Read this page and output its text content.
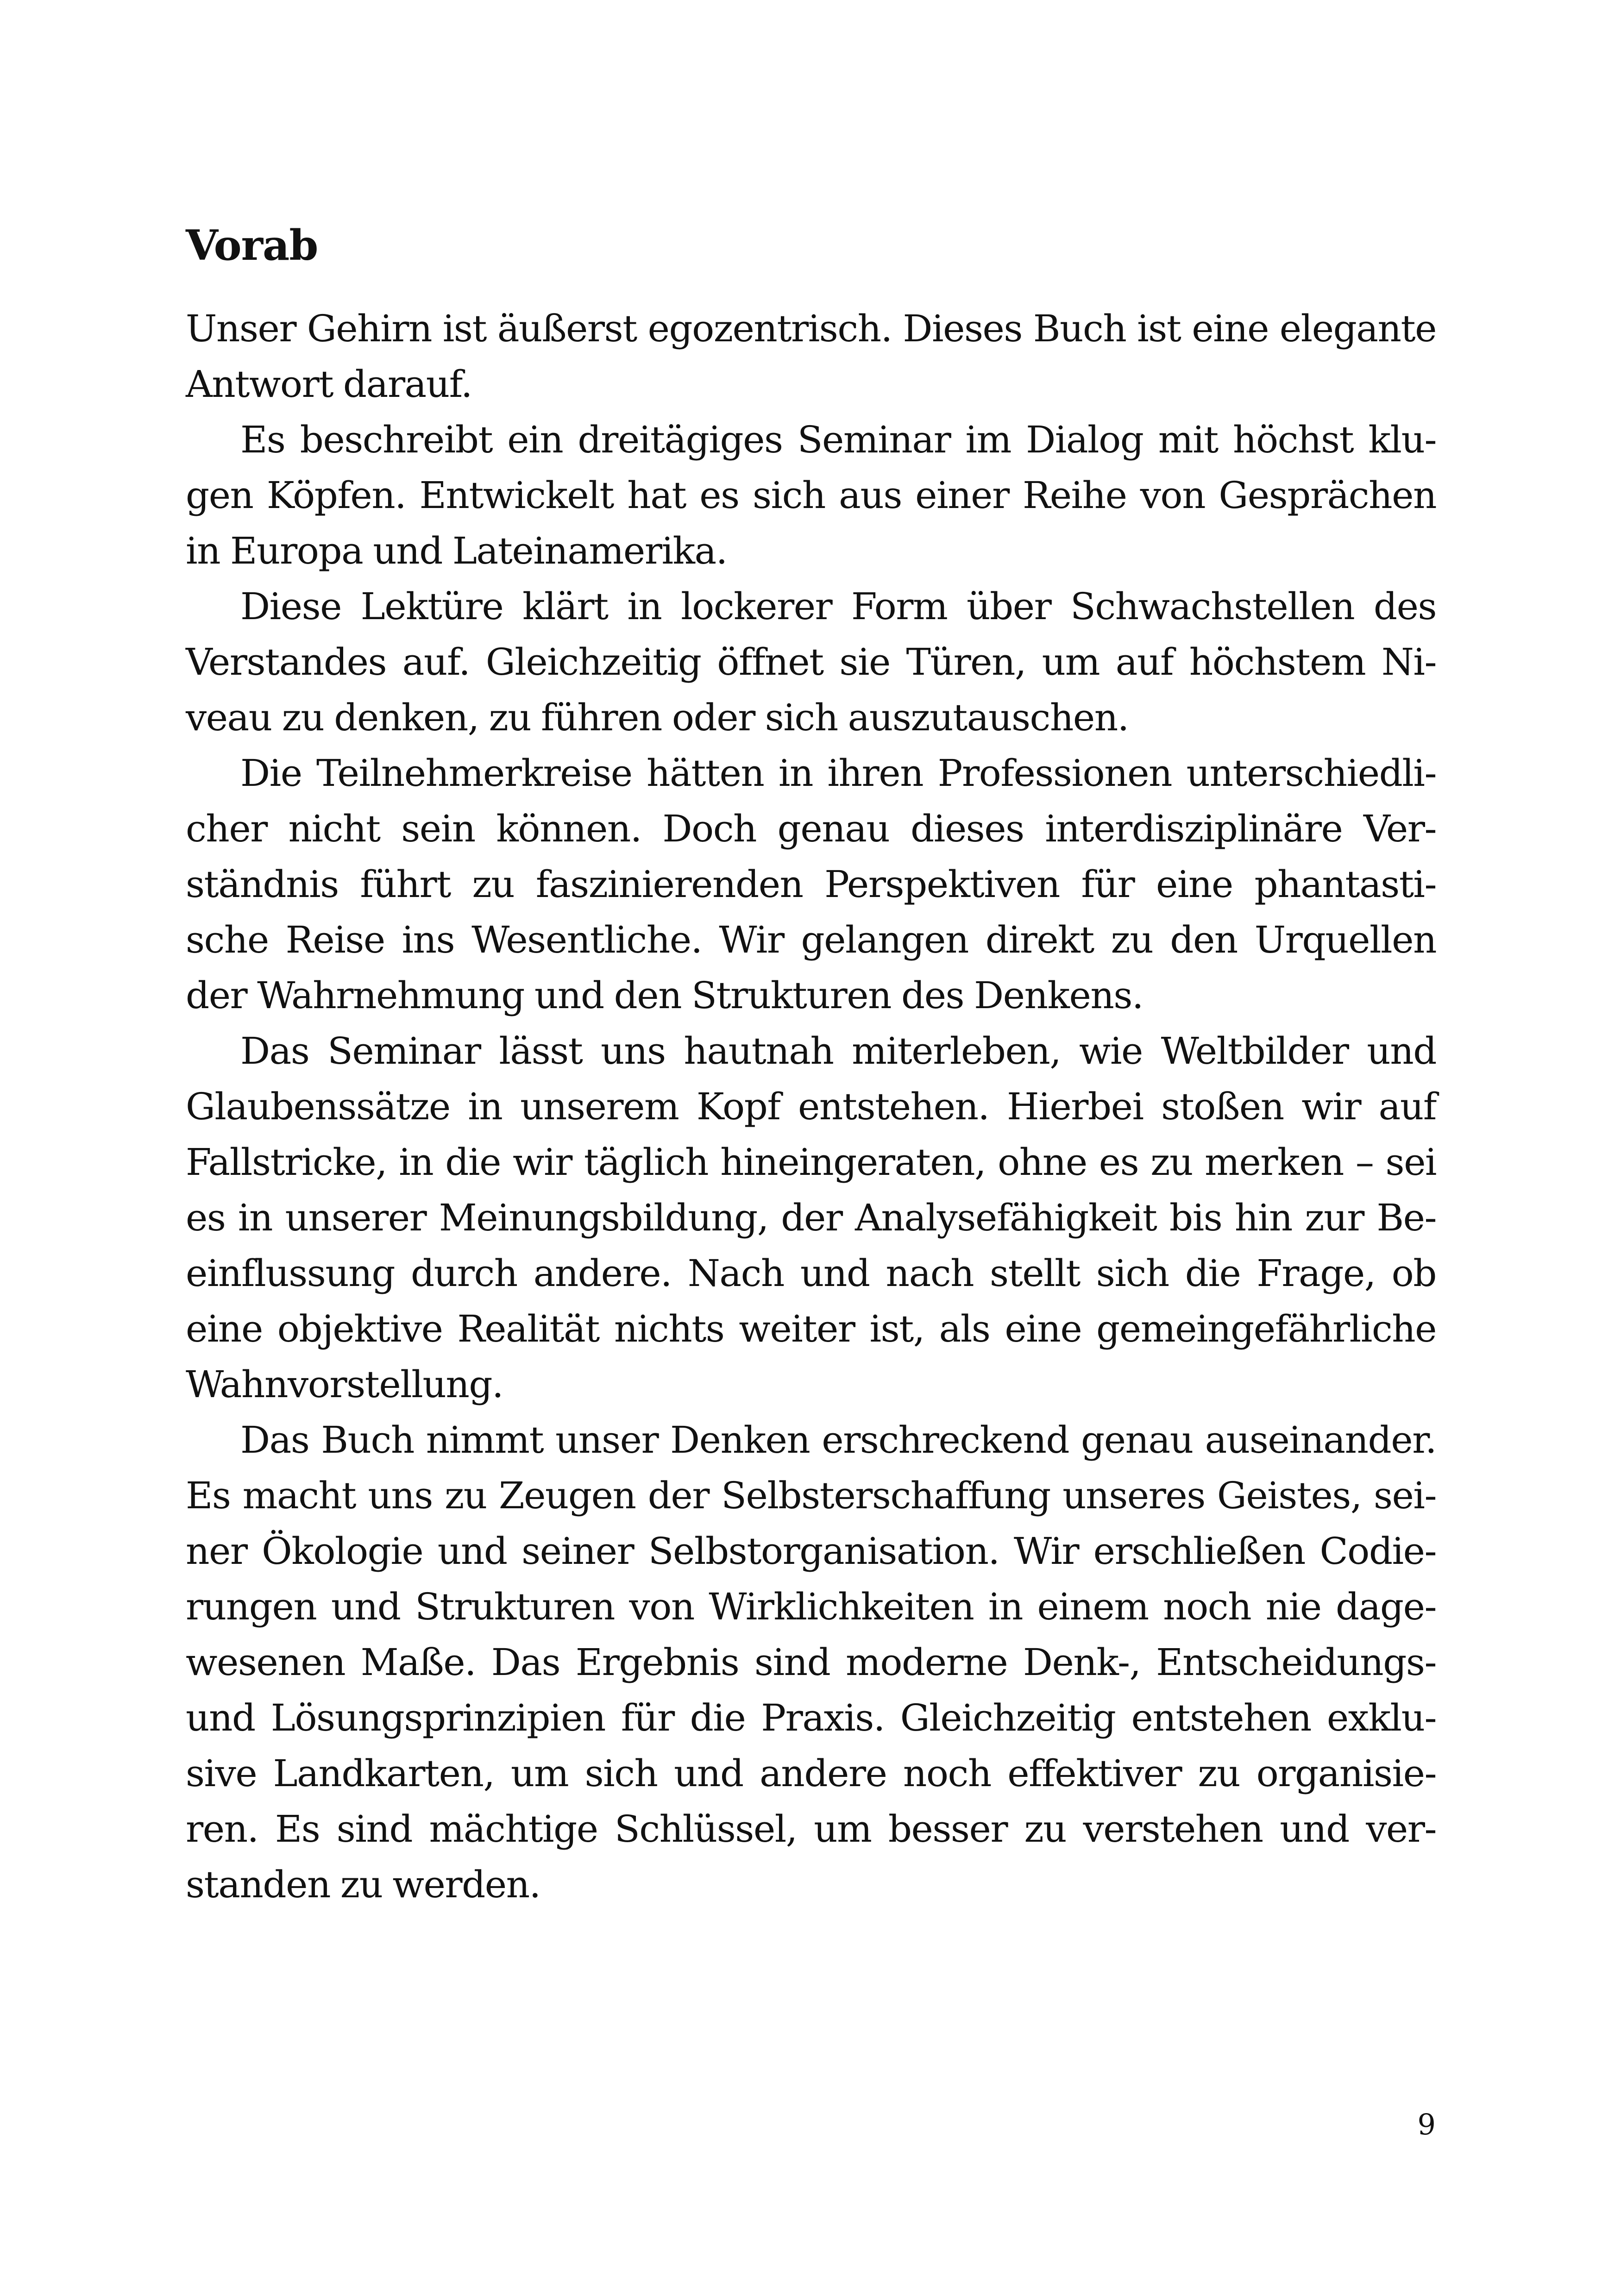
Vorab
Unser Gehirn ist äußerst egozentrisch. Dieses Buch ist eine elegante
Antwort darauf.
Es beschreibt ein dreitägiges Seminar im Dialog mit höchst klu-
gen Köpfen. Entwickelt hat es sich aus einer Reihe von Gesprächen
in Europa und Lateinamerika.
Diese Lektüre klärt in lockerer Form über Schwachstellen des
Verstandes auf. Gleichzeitig öffnet sie Türen, um auf höchstem Ni-
veau zu denken, zu führen oder sich auszutauschen.
Die Teilnehmerkreise hätten in ihren Professionen unterschiedli-
cher nicht sein können. Doch genau dieses interdisziplinäre Ver-
ständnis führt zu faszinierenden Perspektiven für eine phantasti-
sche Reise ins Wesentliche. Wir gelangen direkt zu den Urquellen
der Wahrnehmung und den Strukturen des Denkens.
Das Seminar lässt uns hautnah miterleben, wie Weltbilder und
Glaubenssätze in unserem Kopf entstehen. Hierbei stoßen wir auf
Fallstricke, in die wir täglich hineingeraten, ohne es zu merken – sei
es in unserer Meinungsbildung, der Analysefähigkeit bis hin zur Be-
einflussung durch andere. Nach und nach stellt sich die Frage, ob
eine objektive Realität nichts weiter ist, als eine gemeingefährliche
Wahnvorstellung.
Das Buch nimmt unser Denken erschreckend genau auseinander.
Es macht uns zu Zeugen der Selbsterschaffung unseres Geistes, sei-
ner Ökologie und seiner Selbstorganisation. Wir erschließen Codie-
rungen und Strukturen von Wirklichkeiten in einem noch nie dage-
wesenen Maße. Das Ergebnis sind moderne Denk-, Entscheidungs-
und Lösungsprinzipien für die Praxis. Gleichzeitig entstehen exklu-
sive Landkarten, um sich und andere noch effektiver zu organisie-
ren. Es sind mächtige Schlüssel, um besser zu verstehen und ver-
standen zu werden.
9
